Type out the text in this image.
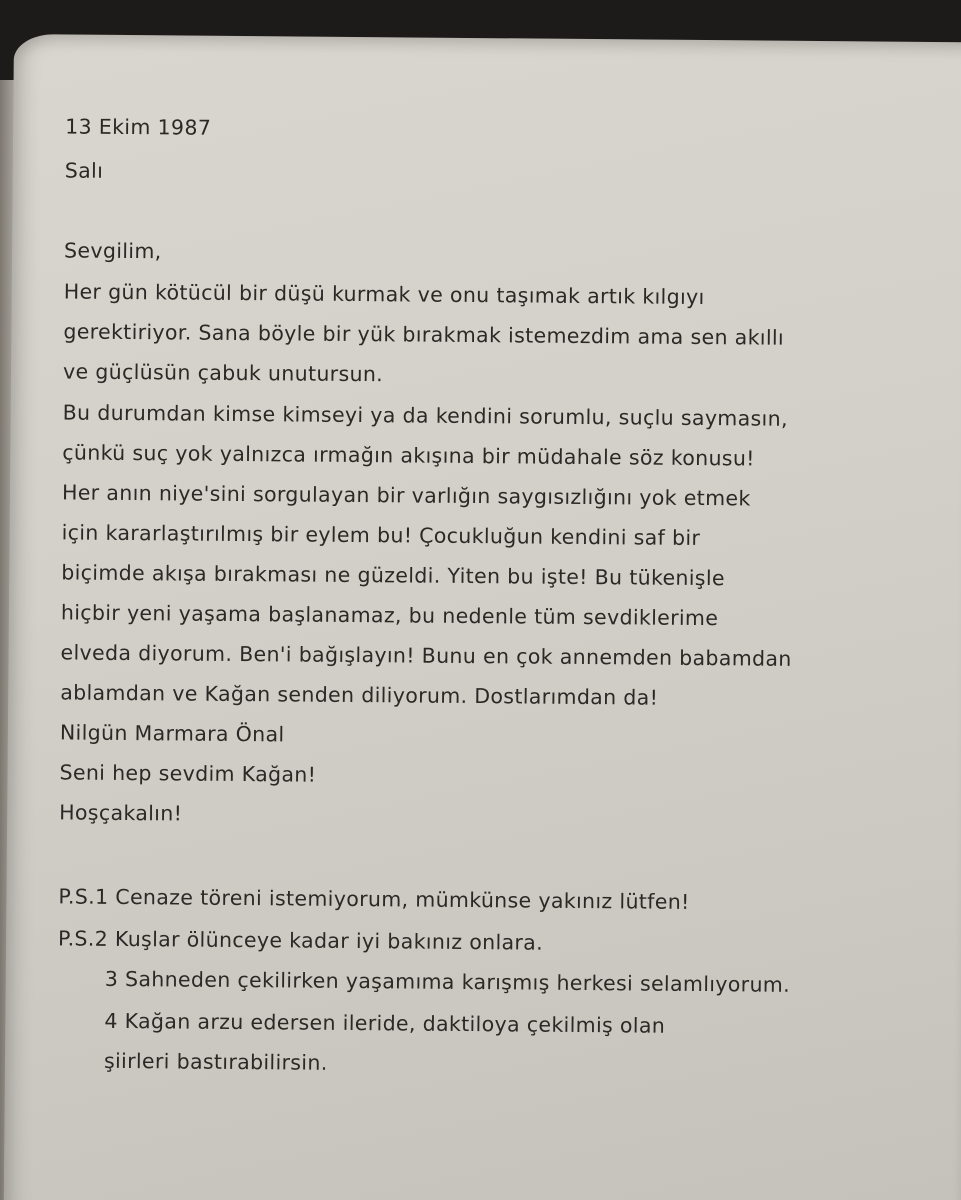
13 Ekim 1987
Salı
Sevgilim,
Her gün kötücül bir düşü kurmak ve onu taşımak artık kılgıyı
gerektiriyor. Sana böyle bir yük bırakmak istemezdim ama sen akıllı
ve güçlüsün çabuk unutursun.
Bu durumdan kimse kimseyi ya da kendini sorumlu, suçlu saymasın,
çünkü suç yok yalnızca ırmağın akışına bir müdahale söz konusu!
Her anın niye'sini sorgulayan bir varlığın saygısızlığını yok etmek
için kararlaştırılmış bir eylem bu! Çocukluğun kendini saf bir
biçimde akışa bırakması ne güzeldi. Yiten bu işte! Bu tükenişle
hiçbir yeni yaşama başlanamaz, bu nedenle tüm sevdiklerime
elveda diyorum. Ben'i bağışlayın! Bunu en çok annemden babamdan
ablamdan ve Kağan senden diliyorum. Dostlarımdan da!
Nilgün Marmara Önal
Seni hep sevdim Kağan!
Hoşçakalın!
P.S.1 Cenaze töreni istemiyorum, mümkünse yakınız lütfen!
P.S.2 Kuşlar ölünceye kadar iyi bakınız onlara.
3 Sahneden çekilirken yaşamıma karışmış herkesi selamlıyorum.
4 Kağan arzu edersen ileride, daktiloya çekilmiş olan
şiirleri bastırabilirsin.
